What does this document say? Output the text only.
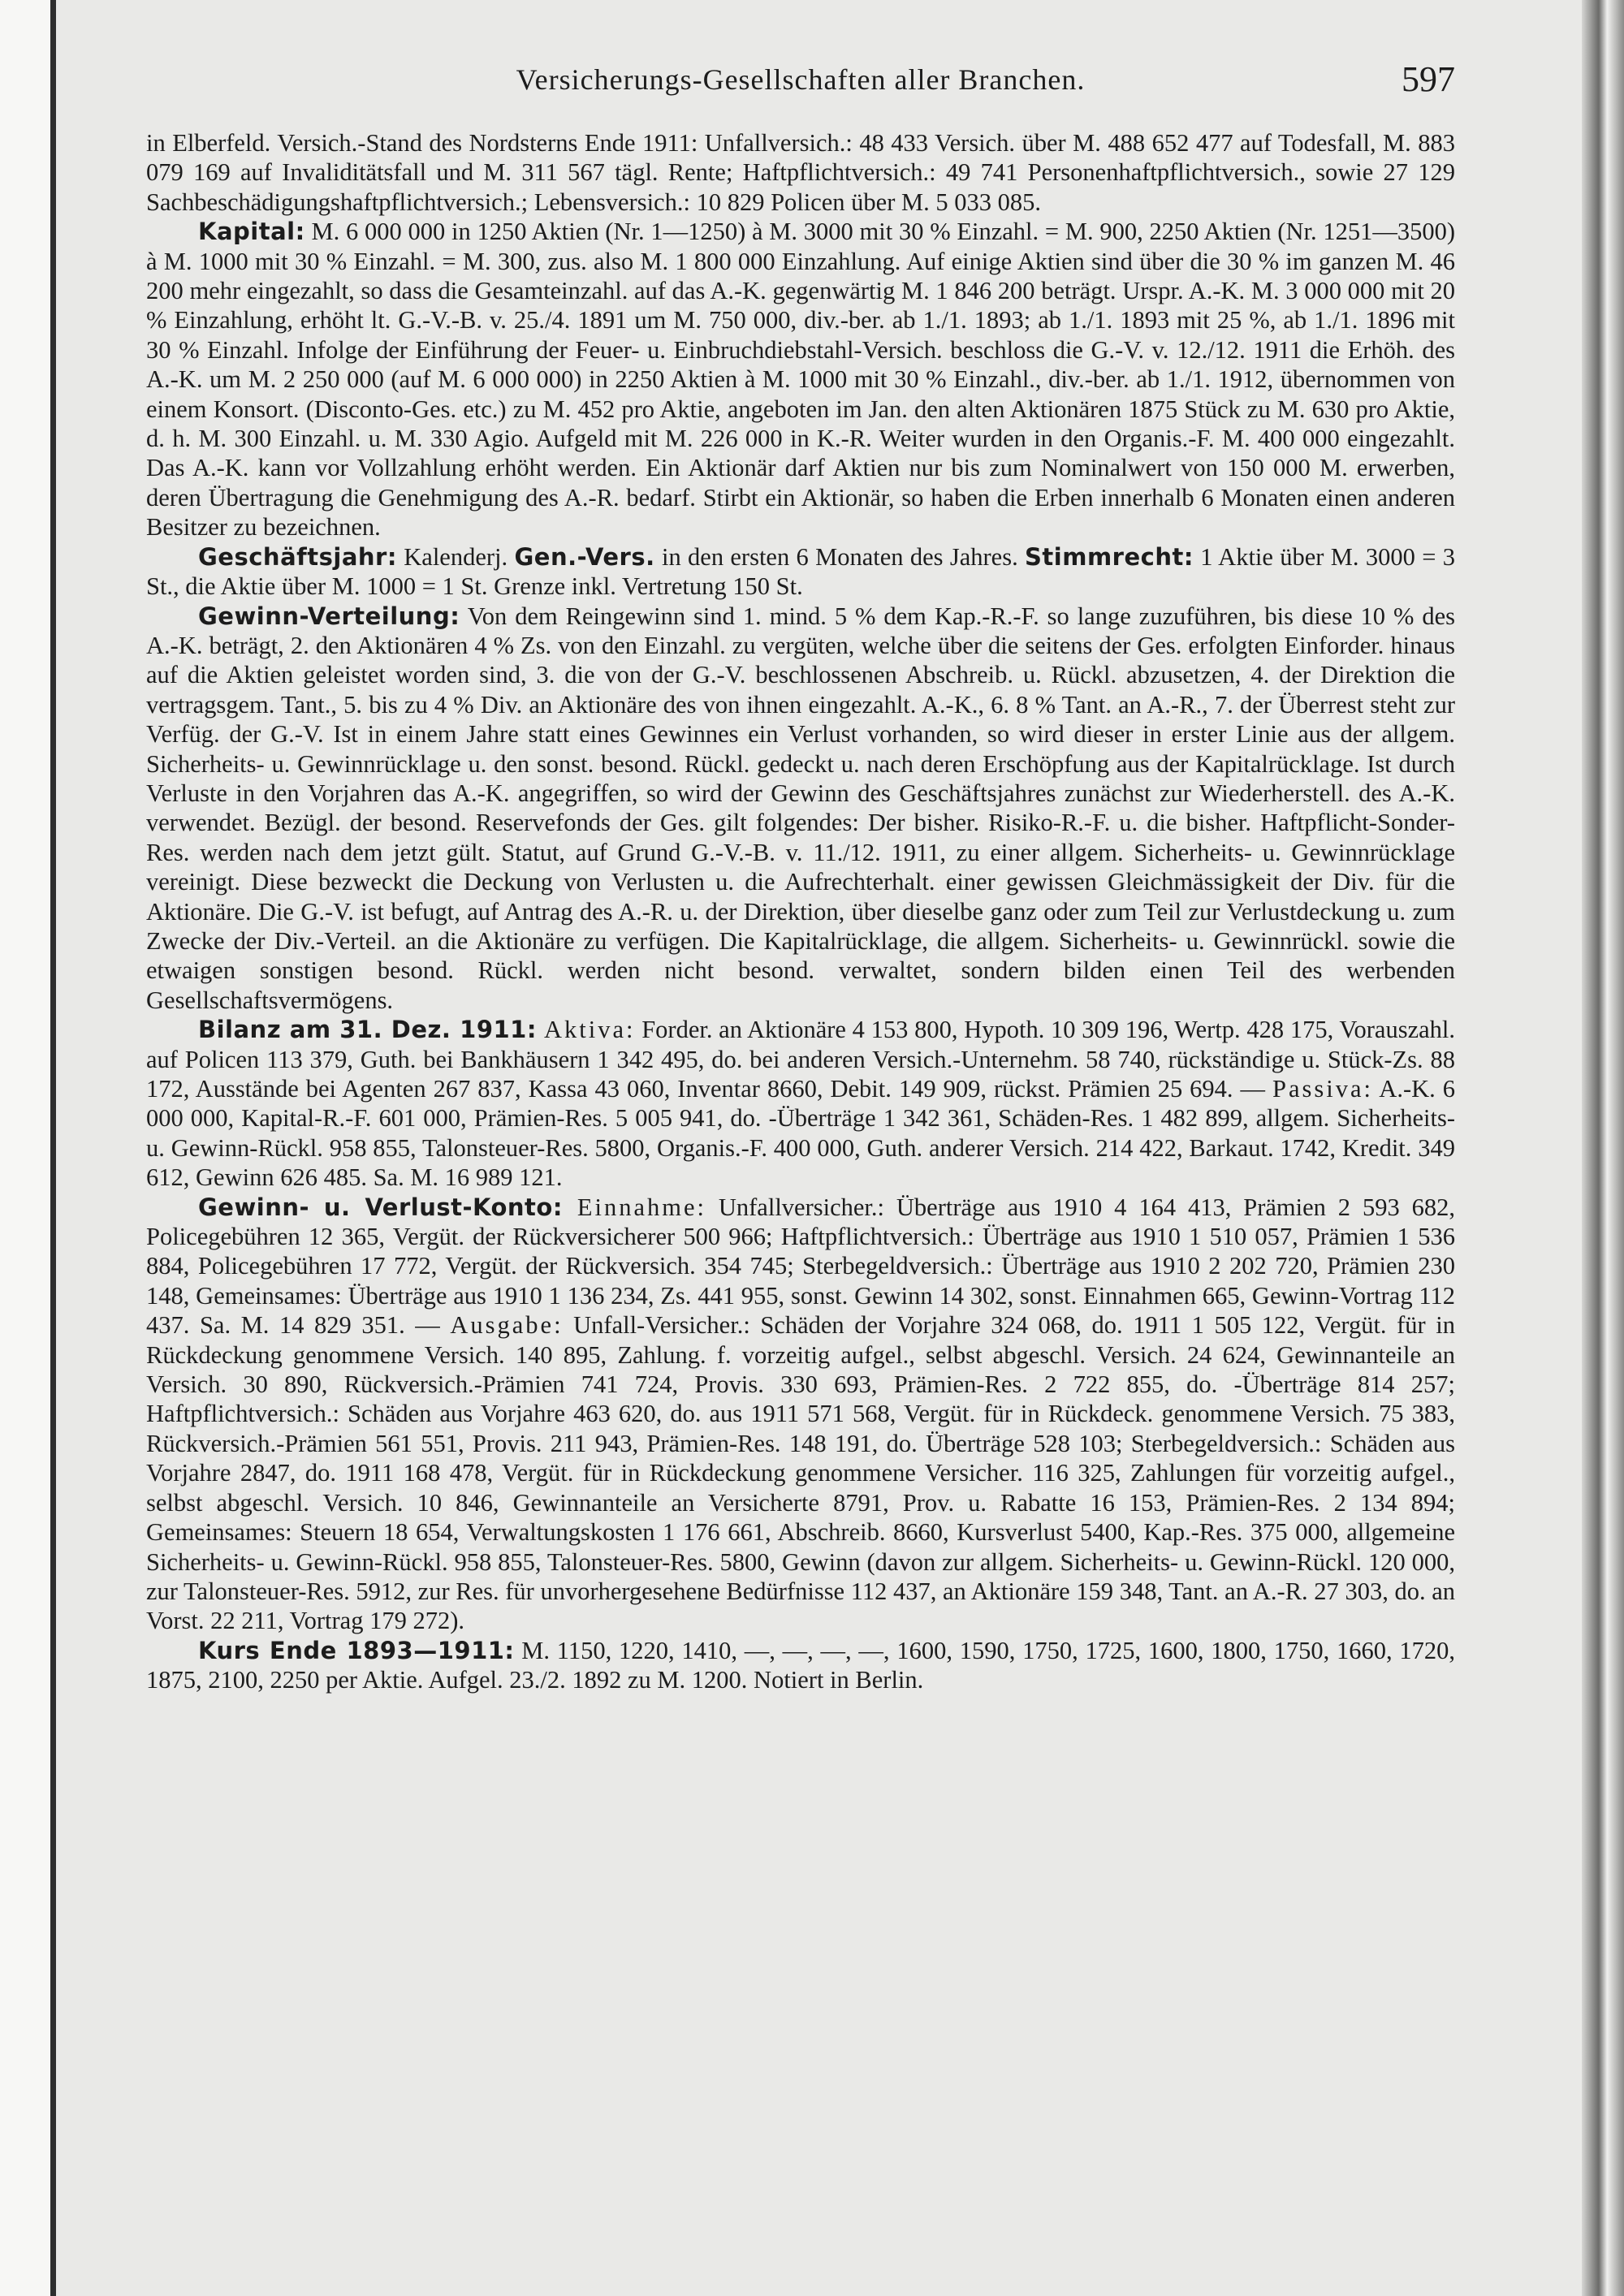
Versicherungs-Gesellschaften aller Branchen.	597

in Elberfeld. Versich.-Stand des Nordsterns Ende 1911: Unfallversich.: 48 433 Versich. über M. 488 652 477 auf Todesfall, M. 883 079 169 auf Invaliditätsfall und M. 311 567 tägl. Rente; Haftpflichtversich.: 49 741 Personenhaftpflichtversich., sowie 27 129 Sachbeschädigungshaftpflichtversich.; Lebensversich.: 10 829 Policen über M. 5 033 085.

Kapital: M. 6 000 000 in 1250 Aktien (Nr. 1—1250) à M. 3000 mit 30 % Einzahl. = M. 900, 2250 Aktien (Nr. 1251—3500) à M. 1000 mit 30 % Einzahl. = M. 300, zus. also M. 1 800 000 Einzahlung. Auf einige Aktien sind über die 30 % im ganzen M. 46 200 mehr eingezahlt, so dass die Gesamteinzahl. auf das A.-K. gegenwärtig M. 1 846 200 beträgt. Urspr. A.-K. M. 3 000 000 mit 20 % Einzahlung, erhöht lt. G.-V.-B. v. 25./4. 1891 um M. 750 000, div.-ber. ab 1./1. 1893; ab 1./1. 1893 mit 25 %, ab 1./1. 1896 mit 30 % Einzahl. Infolge der Einführung der Feuer- u. Einbruchdiebstahl-Versich. beschloss die G.-V. v. 12./12. 1911 die Erhöh. des A.-K. um M. 2 250 000 (auf M. 6 000 000) in 2250 Aktien à M. 1000 mit 30 % Einzahl., div.-ber. ab 1./1. 1912, übernommen von einem Konsort. (Disconto-Ges. etc.) zu M. 452 pro Aktie, angeboten im Jan. den alten Aktionären 1875 Stück zu M. 630 pro Aktie, d. h. M. 300 Einzahl. u. M. 330 Agio. Aufgeld mit M. 226 000 in K.-R. Weiter wurden in den Organis.-F. M. 400 000 eingezahlt. Das A.-K. kann vor Vollzahlung erhöht werden. Ein Aktionär darf Aktien nur bis zum Nominalwert von 150 000 M. erwerben, deren Übertragung die Genehmigung des A.-R. bedarf. Stirbt ein Aktionär, so haben die Erben innerhalb 6 Monaten einen anderen Besitzer zu bezeichnen.

Geschäftsjahr: Kalenderj. Gen.-Vers. in den ersten 6 Monaten des Jahres. Stimmrecht: 1 Aktie über M. 3000 = 3 St., die Aktie über M. 1000 = 1 St. Grenze inkl. Vertretung 150 St.

Gewinn-Verteilung: Von dem Reingewinn sind 1. mind. 5 % dem Kap.-R.-F. so lange zuzuführen, bis diese 10 % des A.-K. beträgt, 2. den Aktionären 4 % Zs. von den Einzahl. zu vergüten, welche über die seitens der Ges. erfolgten Einforder. hinaus auf die Aktien geleistet worden sind, 3. die von der G.-V. beschlossenen Abschreib. u. Rückl. abzusetzen, 4. der Direktion die vertragsgem. Tant., 5. bis zu 4 % Div. an Aktionäre des von ihnen eingezahlt. A.-K., 6. 8 % Tant. an A.-R., 7. der Überrest steht zur Verfüg. der G.-V. Ist in einem Jahre statt eines Gewinnes ein Verlust vorhanden, so wird dieser in erster Linie aus der allgem. Sicherheits- u. Gewinnrücklage u. den sonst. besond. Rückl. gedeckt u. nach deren Erschöpfung aus der Kapitalrücklage. Ist durch Verluste in den Vorjahren das A.-K. angegriffen, so wird der Gewinn des Geschäftsjahres zunächst zur Wiederherstell. des A.-K. verwendet. Bezügl. der besond. Reservefonds der Ges. gilt folgendes: Der bisher. Risiko-R.-F. u. die bisher. Haftpflicht-Sonder-Res. werden nach dem jetzt gült. Statut, auf Grund G.-V.-B. v. 11./12. 1911, zu einer allgem. Sicherheits- u. Gewinnrücklage vereinigt. Diese bezweckt die Deckung von Verlusten u. die Aufrechterhalt. einer gewissen Gleichmässigkeit der Div. für die Aktionäre. Die G.-V. ist befugt, auf Antrag des A.-R. u. der Direktion, über dieselbe ganz oder zum Teil zur Verlustdeckung u. zum Zwecke der Div.-Verteil. an die Aktionäre zu verfügen. Die Kapitalrücklage, die allgem. Sicherheits- u. Gewinnrückl. sowie die etwaigen sonstigen besond. Rückl. werden nicht besond. verwaltet, sondern bilden einen Teil des werbenden Gesellschaftsvermögens.

Bilanz am 31. Dez. 1911: Aktiva: Forder. an Aktionäre 4 153 800, Hypoth. 10 309 196, Wertp. 428 175, Vorauszahl. auf Policen 113 379, Guth. bei Bankhäusern 1 342 495, do. bei anderen Versich.-Unternehm. 58 740, rückständige u. Stück-Zs. 88 172, Ausstände bei Agenten 267 837, Kassa 43 060, Inventar 8660, Debit. 149 909, rückst. Prämien 25 694. — Passiva: A.-K. 6 000 000, Kapital-R.-F. 601 000, Prämien-Res. 5 005 941, do. -Überträge 1 342 361, Schäden-Res. 1 482 899, allgem. Sicherheits- u. Gewinn-Rückl. 958 855, Talonsteuer-Res. 5800, Organis.-F. 400 000, Guth. anderer Versich. 214 422, Barkaut. 1742, Kredit. 349 612, Gewinn 626 485. Sa. M. 16 989 121.

Gewinn- u. Verlust-Konto: Einnahme: Unfallversicher.: Überträge aus 1910 4 164 413, Prämien 2 593 682, Policegebühren 12 365, Vergüt. der Rückversicherer 500 966; Haftpflichtversich.: Überträge aus 1910 1 510 057, Prämien 1 536 884, Policegebühren 17 772, Vergüt. der Rückversich. 354 745; Sterbegeldversich.: Überträge aus 1910 2 202 720, Prämien 230 148, Gemeinsames: Überträge aus 1910 1 136 234, Zs. 441 955, sonst. Gewinn 14 302, sonst. Einnahmen 665, Gewinn-Vortrag 112 437. Sa. M. 14 829 351. — Ausgabe: Unfall-Versicher.: Schäden der Vorjahre 324 068, do. 1911 1 505 122, Vergüt. für in Rückdeckung genommene Versich. 140 895, Zahlung. f. vorzeitig aufgel., selbst abgeschl. Versich. 24 624, Gewinnanteile an Versich. 30 890, Rückversich.-Prämien 741 724, Provis. 330 693, Prämien-Res. 2 722 855, do. -Überträge 814 257; Haftpflichtversich.: Schäden aus Vorjahre 463 620, do. aus 1911 571 568, Vergüt. für in Rückdeck. genommene Versich. 75 383, Rückversich.-Prämien 561 551, Provis. 211 943, Prämien-Res. 148 191, do. Überträge 528 103; Sterbegeldversich.: Schäden aus Vorjahre 2847, do. 1911 168 478, Vergüt. für in Rückdeckung genommene Versicher. 116 325, Zahlungen für vorzeitig aufgel., selbst abgeschl. Versich. 10 846, Gewinnanteile an Versicherte 8791, Prov. u. Rabatte 16 153, Prämien-Res. 2 134 894; Gemeinsames: Steuern 18 654, Verwaltungskosten 1 176 661, Abschreib. 8660, Kursverlust 5400, Kap.-Res. 375 000, allgemeine Sicherheits- u. Gewinn-Rückl. 958 855, Talonsteuer-Res. 5800, Gewinn (davon zur allgem. Sicherheits- u. Gewinn-Rückl. 120 000, zur Talonsteuer-Res. 5912, zur Res. für unvorhergesehene Bedürfnisse 112 437, an Aktionäre 159 348, Tant. an A.-R. 27 303, do. an Vorst. 22 211, Vortrag 179 272).

Kurs Ende 1893—1911: M. 1150, 1220, 1410, —, —, —, —, 1600, 1590, 1750, 1725, 1600, 1800, 1750, 1660, 1720, 1875, 2100, 2250 per Aktie. Aufgel. 23./2. 1892 zu M. 1200. Notiert in Berlin.
